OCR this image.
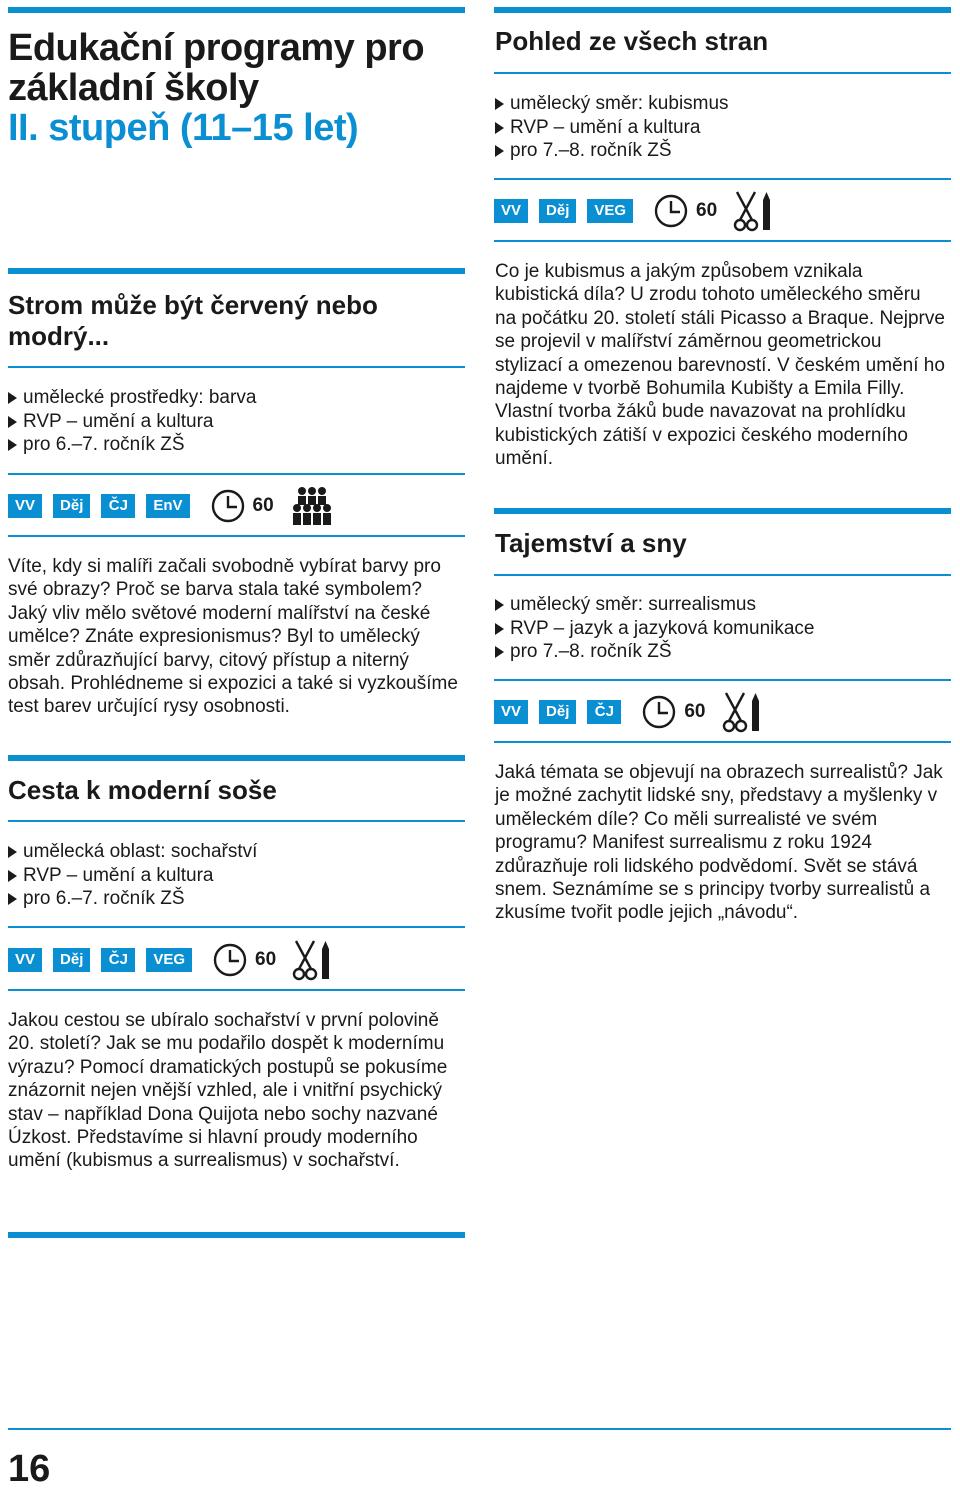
Edukační programy pro
základní školy
II. stupeň (11–15 let)
Pohled ze všech stran
umělecký směr: kubismus
RVP – umění a kultura
pro 7.–8. ročník ZŠ
VV	Děj	VEG	60

Co je kubismus a jakým způsobem vznikala kubistická díla? U zrodu tohoto uměleckého směru na počátku 20. století stáli Picasso a Braque. Nejprve se projevil v malířství záměrnou geometrickou stylizací a omezenou barevností. V českém umění ho najdeme v tvorbě Bohumila Kubišty a Emila Filly. Vlastní tvorba žáků bude navazovat na prohlídku kubistických zátiší v expozici českého moderního umění.

Strom může být červený nebo modrý...
umělecké prostředky: barva
RVP – umění a kultura
pro 6.–7. ročník ZŠ
VV	Děj	ČJ	EnV	60

Víte, kdy si malíři začali svobodně vybírat barvy pro své obrazy? Proč se barva stala také symbolem? Jaký vliv mělo světové moderní malířství na české umělce? Znáte expresionismus? Byl to umělecký směr zdůrazňující barvy, citový přístup a niterný obsah. Prohlédneme si expozici a také si vyzkoušíme test barev určující rysy osobnosti.

Tajemství a sny
umělecký směr: surrealismus
RVP – jazyk a jazyková komunikace
pro 7.–8. ročník ZŠ
VV	Děj	ČJ	60

Jaká témata se objevují na obrazech surrealistů? Jak je možné zachytit lidské sny, představy a myšlenky v uměleckém díle? Co měli surrealisté ve svém programu? Manifest surrealismu z roku 1924 zdůrazňuje roli lidského podvědomí. Svět se stává snem. Seznámíme se s principy tvorby surrealistů a zkusíme tvořit podle jejich „návodu“.

Cesta k moderní soše
umělecká oblast: sochařství
RVP – umění a kultura
pro 6.–7. ročník ZŠ
VV	Děj	ČJ	VEG	60

Jakou cestou se ubíralo sochařství v první polovině 20. století? Jak se mu podařilo dospět k modernímu výrazu? Pomocí dramatických postupů se pokusíme znázornit nejen vnější vzhled, ale i vnitřní psychický stav – například Dona Quijota nebo sochy nazvané Úzkost. Představíme si hlavní proudy moderního umění (kubismus a surrealismus) v sochařství.

16
